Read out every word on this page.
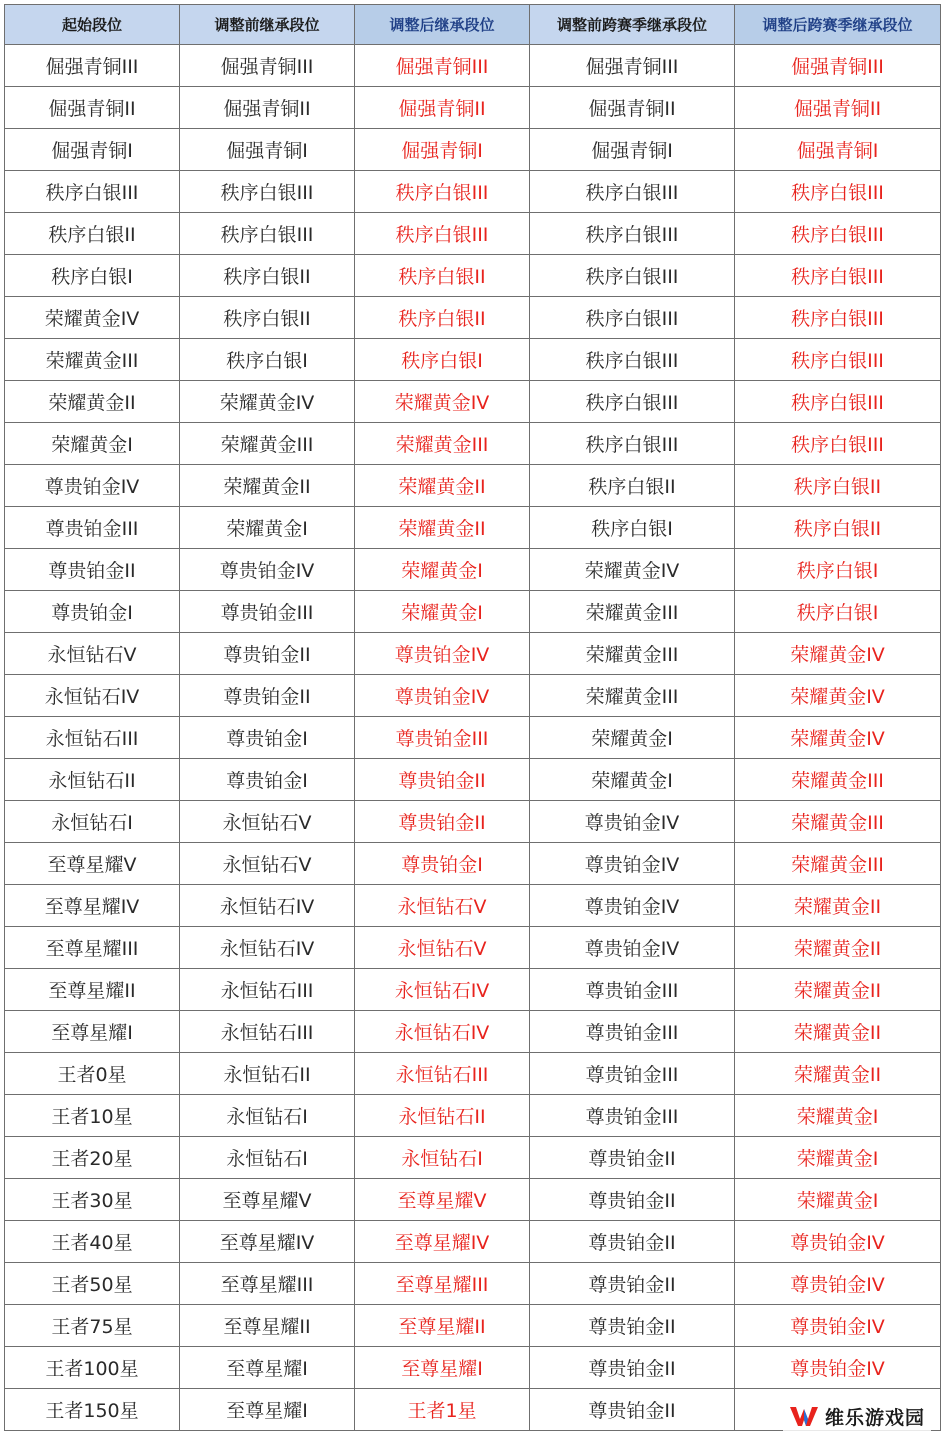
起始段位	调整前继承段位	调整后继承段位	调整前跨赛季继承段位	调整后跨赛季继承段位
倔强青铜III	倔强青铜III	倔强青铜III	倔强青铜III	倔强青铜III
倔强青铜II	倔强青铜II	倔强青铜II	倔强青铜II	倔强青铜II
倔强青铜I	倔强青铜I	倔强青铜I	倔强青铜I	倔强青铜I
秩序白银III	秩序白银III	秩序白银III	秩序白银III	秩序白银III
秩序白银II	秩序白银III	秩序白银III	秩序白银III	秩序白银III
秩序白银I	秩序白银II	秩序白银II	秩序白银III	秩序白银III
荣耀黄金IV	秩序白银II	秩序白银II	秩序白银III	秩序白银III
荣耀黄金III	秩序白银I	秩序白银I	秩序白银III	秩序白银III
荣耀黄金II	荣耀黄金IV	荣耀黄金IV	秩序白银III	秩序白银III
荣耀黄金I	荣耀黄金III	荣耀黄金III	秩序白银III	秩序白银III
尊贵铂金IV	荣耀黄金II	荣耀黄金II	秩序白银II	秩序白银II
尊贵铂金III	荣耀黄金I	荣耀黄金II	秩序白银I	秩序白银II
尊贵铂金II	尊贵铂金IV	荣耀黄金I	荣耀黄金IV	秩序白银I
尊贵铂金I	尊贵铂金III	荣耀黄金I	荣耀黄金III	秩序白银I
永恒钻石V	尊贵铂金II	尊贵铂金IV	荣耀黄金III	荣耀黄金IV
永恒钻石IV	尊贵铂金II	尊贵铂金IV	荣耀黄金III	荣耀黄金IV
永恒钻石III	尊贵铂金I	尊贵铂金III	荣耀黄金I	荣耀黄金IV
永恒钻石II	尊贵铂金I	尊贵铂金II	荣耀黄金I	荣耀黄金III
永恒钻石I	永恒钻石V	尊贵铂金II	尊贵铂金IV	荣耀黄金III
至尊星耀V	永恒钻石V	尊贵铂金I	尊贵铂金IV	荣耀黄金III
至尊星耀IV	永恒钻石IV	永恒钻石V	尊贵铂金IV	荣耀黄金II
至尊星耀III	永恒钻石IV	永恒钻石V	尊贵铂金IV	荣耀黄金II
至尊星耀II	永恒钻石III	永恒钻石IV	尊贵铂金III	荣耀黄金II
至尊星耀I	永恒钻石III	永恒钻石IV	尊贵铂金III	荣耀黄金II
王者0星	永恒钻石II	永恒钻石III	尊贵铂金III	荣耀黄金II
王者10星	永恒钻石I	永恒钻石II	尊贵铂金III	荣耀黄金I
王者20星	永恒钻石I	永恒钻石I	尊贵铂金II	荣耀黄金I
王者30星	至尊星耀V	至尊星耀V	尊贵铂金II	荣耀黄金I
王者40星	至尊星耀IV	至尊星耀IV	尊贵铂金II	尊贵铂金IV
王者50星	至尊星耀III	至尊星耀III	尊贵铂金II	尊贵铂金IV
王者75星	至尊星耀II	至尊星耀II	尊贵铂金II	尊贵铂金IV
王者100星	至尊星耀I	至尊星耀I	尊贵铂金II	尊贵铂金IV
王者150星	至尊星耀I	王者1星	尊贵铂金II		维乐游戏园
